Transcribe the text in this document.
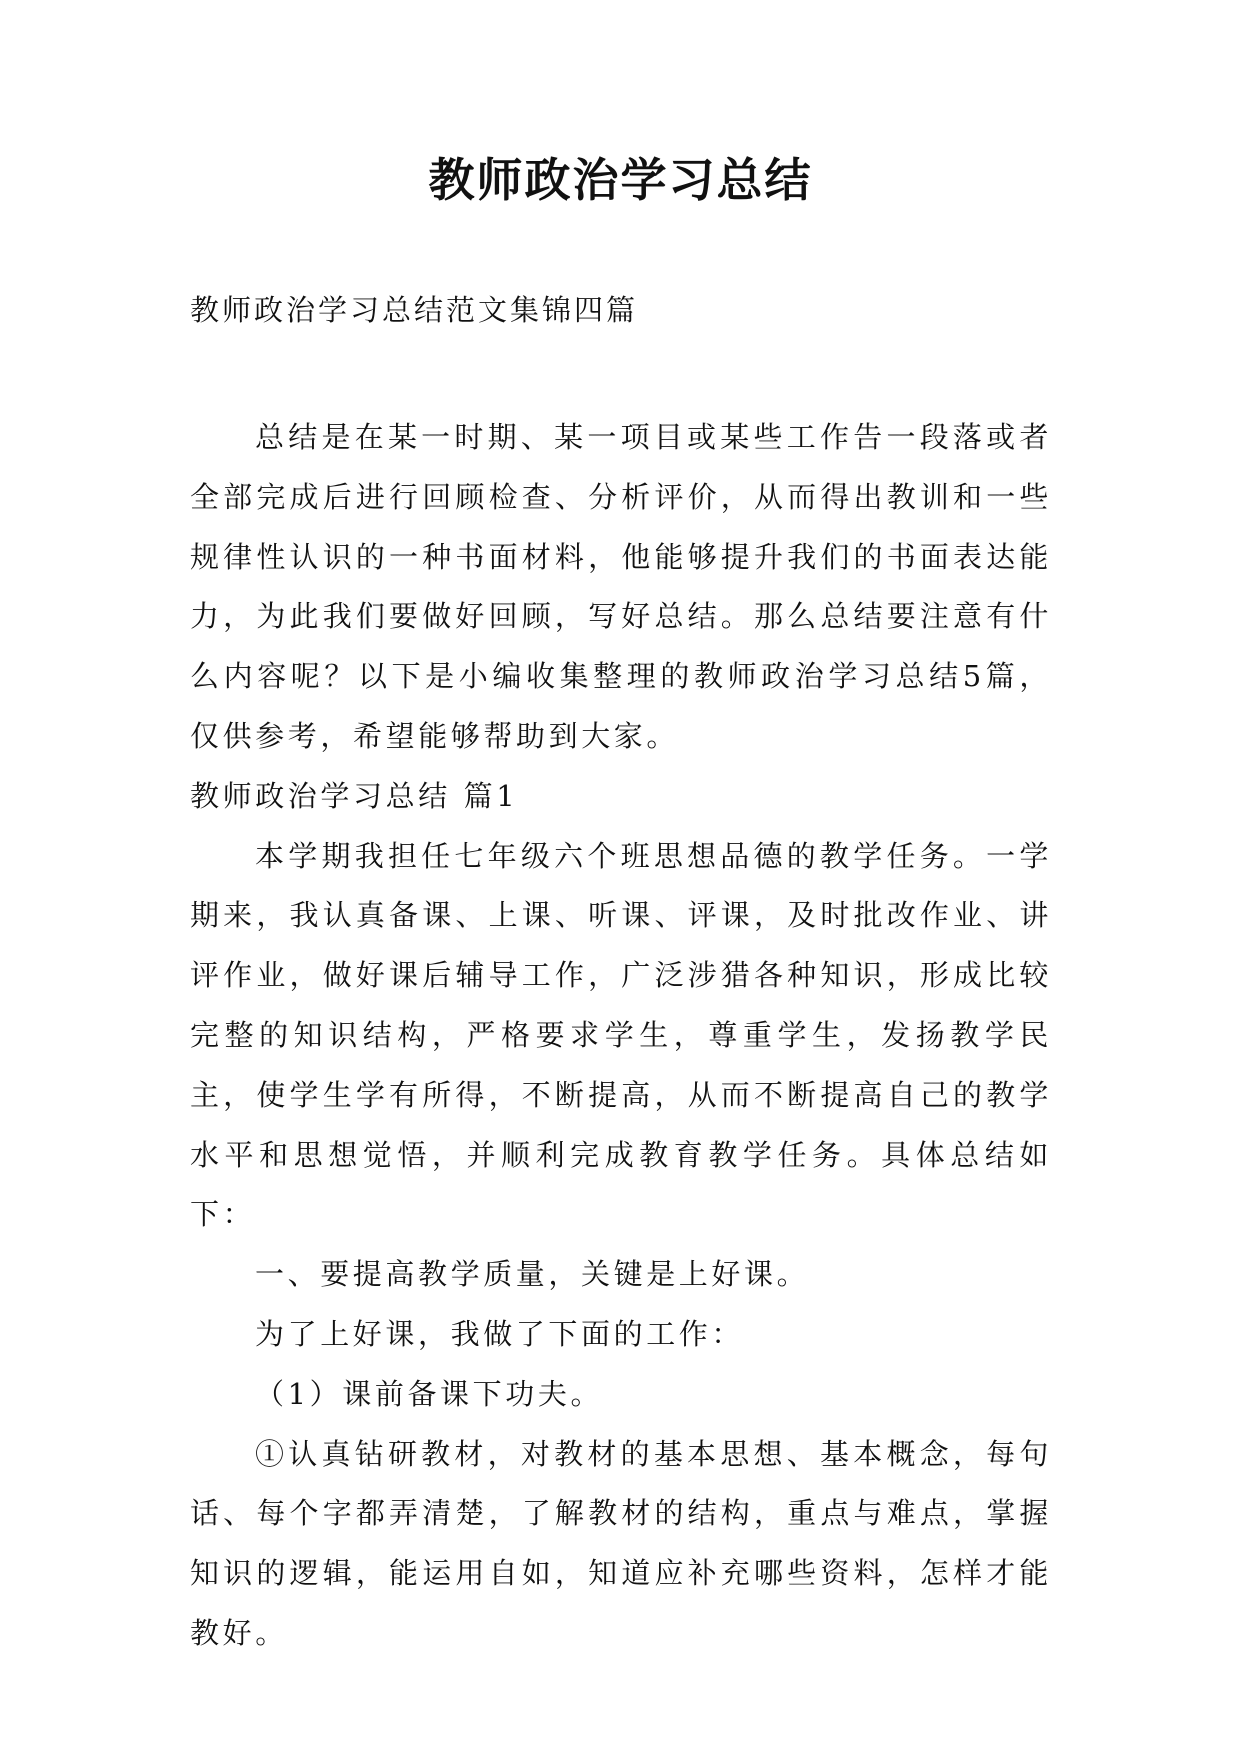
教师政治学习总结
教师政治学习总结范文集锦四篇

总结是在某一时期、某一项目或某些工作告一段落或者全部完成后进行回顾检查、分析评价，从而得出教训和一些规律性认识的一种书面材料，他能够提升我们的书面表达能力，为此我们要做好回顾，写好总结。那么总结要注意有什么内容呢？以下是小编收集整理的教师政治学习总结5篇，仅供参考，希望能够帮助到大家。

教师政治学习总结 篇1

本学期我担任七年级六个班思想品德的教学任务。一学期来，我认真备课、上课、听课、评课，及时批改作业、讲评作业，做好课后辅导工作，广泛涉猎各种知识，形成比较完整的知识结构，严格要求学生，尊重学生，发扬教学民主，使学生学有所得，不断提高，从而不断提高自己的教学水平和思想觉悟，并顺利完成教育教学任务。具体总结如下：

一、要提高教学质量，关键是上好课。

为了上好课，我做了下面的工作：

（1）课前备课下功夫。

①认真钻研教材，对教材的基本思想、基本概念，每句话、每个字都弄清楚，了解教材的结构，重点与难点，掌握知识的逻辑，能运用自如，知道应补充哪些资料，怎样才能教好。
